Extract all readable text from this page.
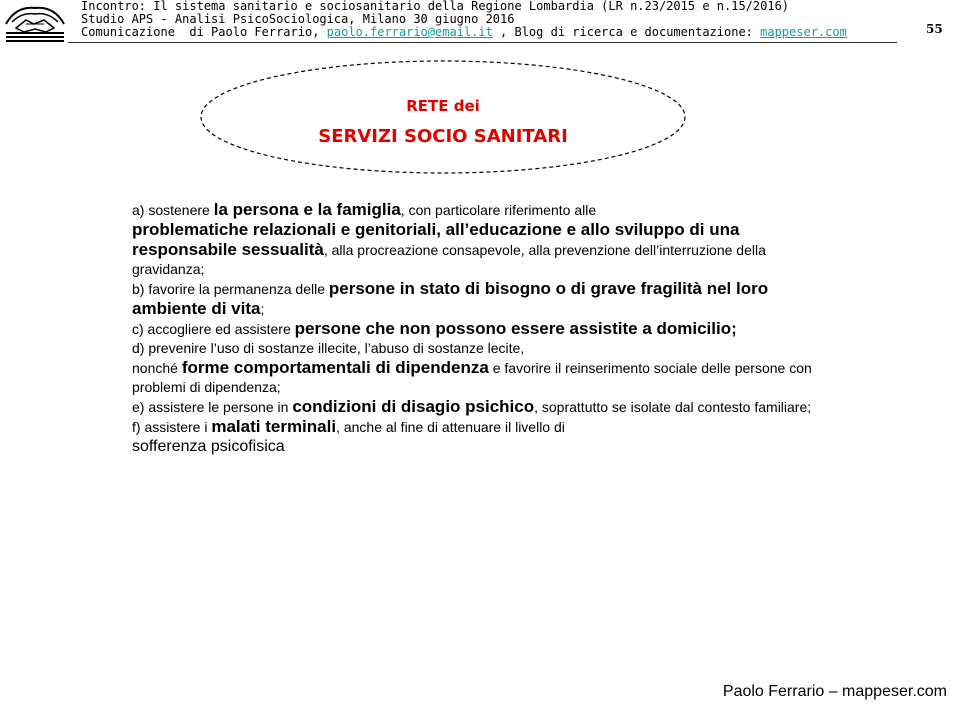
Incontro: Il sistema sanitario e sociosanitario della Regione Lombardia (LR n.23/2015 e n.15/2016)
Studio APS - Analisi PsicoSociologica, Milano 30 giugno 2016
Comunicazione  di Paolo Ferrario, paolo.ferrario@email.it , Blog di ricerca e documentazione: mappeser.com	55
RETE dei
SERVIZI SOCIO SANITARI

a) sostenere la persona e la famiglia, con particolare riferimento alle
problematiche relazionali e genitoriali, all’educazione e allo sviluppo di una responsabile sessualità, alla procreazione consapevole, alla prevenzione dell’interruzione della gravidanza;

b) favorire la permanenza delle persone in stato di bisogno o di grave fragilità nel loro ambiente di vita;

c) accogliere ed assistere persone che non possono essere assistite a domicilio;

d) prevenire l’uso di sostanze illecite, l’abuso di sostanze lecite,
nonché forme comportamentali di dipendenza e favorire il reinserimento sociale delle persone con problemi di dipendenza;

e) assistere le persone in condizioni di disagio psichico, soprattutto se isolate dal contesto familiare;

f) assistere i malati terminali, anche al fine di attenuare il livello di
sofferenza psicofisica

Paolo Ferrario – mappeser.com
